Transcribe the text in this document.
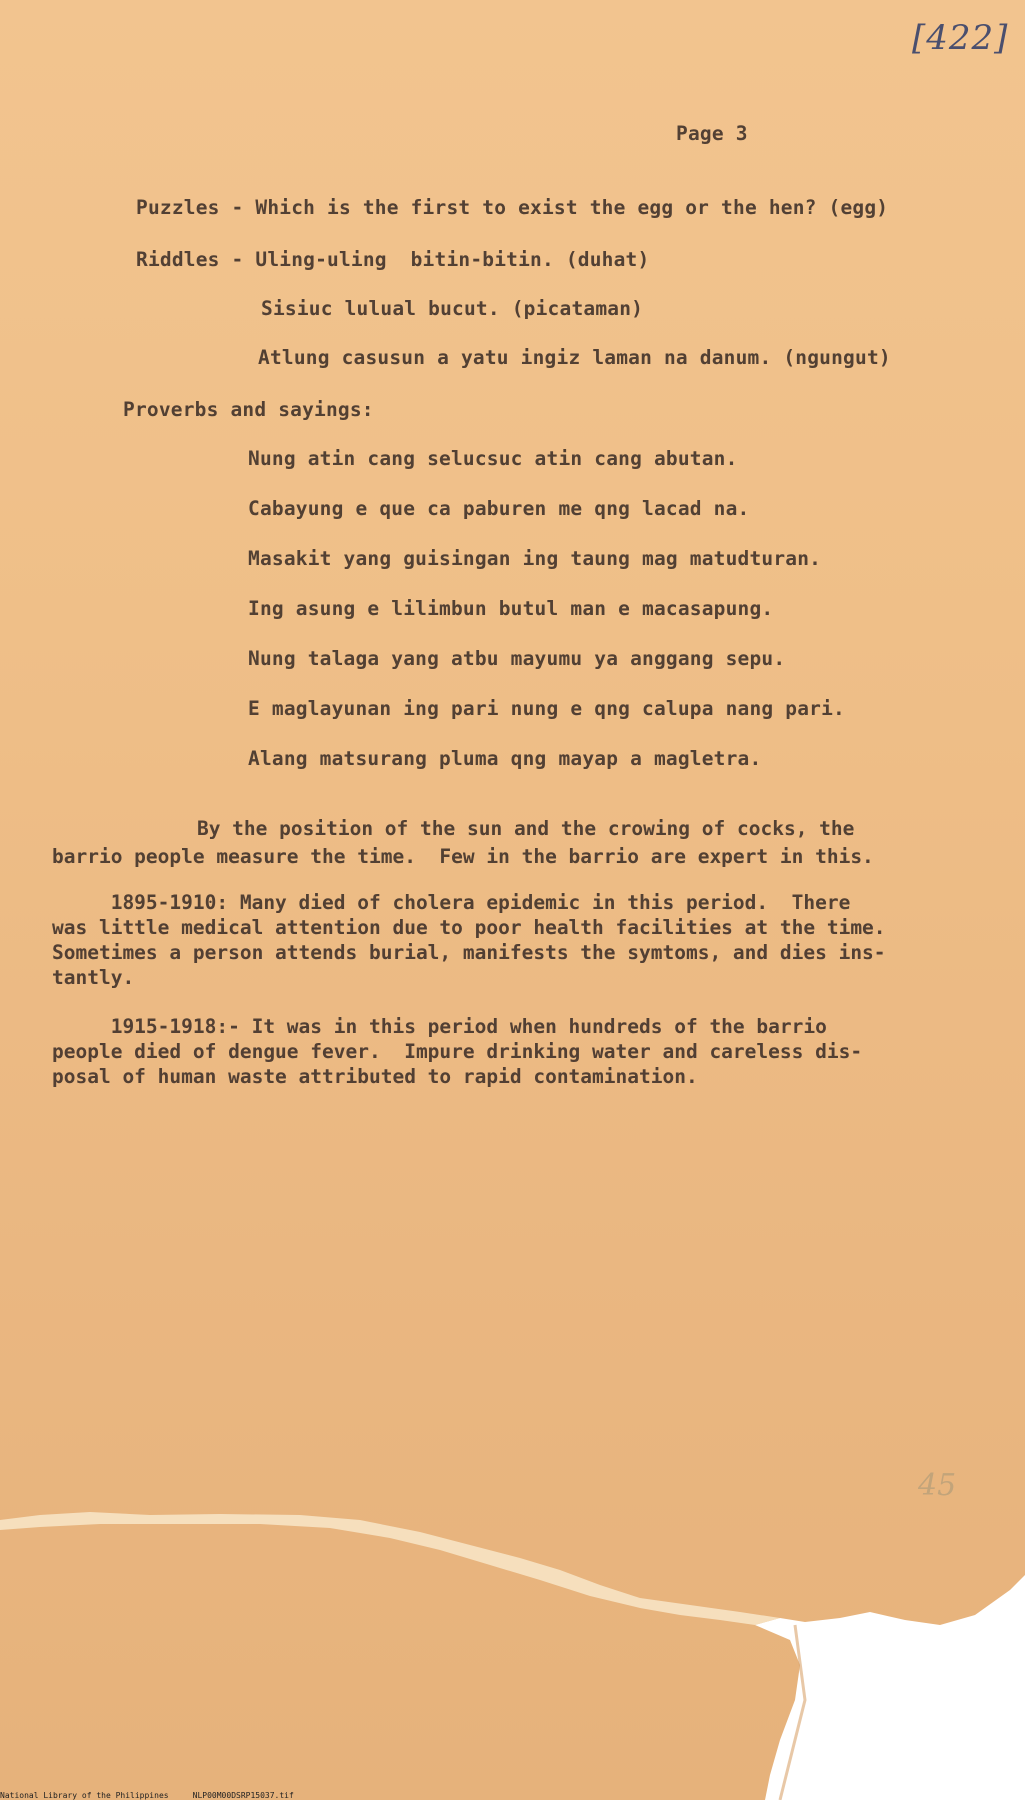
[422]

Page 3

Puzzles - Which is the first to exist the egg or the hen? (egg)

Riddles - Uling-uling  bitin-bitin. (duhat)

Sisiuc lulual bucut. (picataman)

Atlung casusun a yatu ingiz laman na danum. (ngungut)

Proverbs and sayings:

Nung atin cang selucsuc atin cang abutan.

Cabayung e que ca paburen me qng lacad na.

Masakit yang guisingan ing taung mag matudturan.

Ing asung e lilimbun butul man e macasapung.

Nung talaga yang atbu mayumu ya anggang sepu.

E maglayunan ing pari nung e qng calupa nang pari.

Alang matsurang pluma qng mayap a magletra.

By the position of the sun and the crowing of cocks, the

barrio people measure the time.  Few in the barrio are expert in this.

1895-1910: Many died of cholera epidemic in this period.  There

was little medical attention due to poor health facilities at the time.

Sometimes a person attends burial, manifests the symtoms, and dies ins-

tantly.

1915-1918:- It was in this period when hundreds of the barrio

people died of dengue fever.  Impure drinking water and careless dis-

posal of human waste attributed to rapid contamination.

45

National Library of the Philippines     NLP00M00DSRP15037.tif
